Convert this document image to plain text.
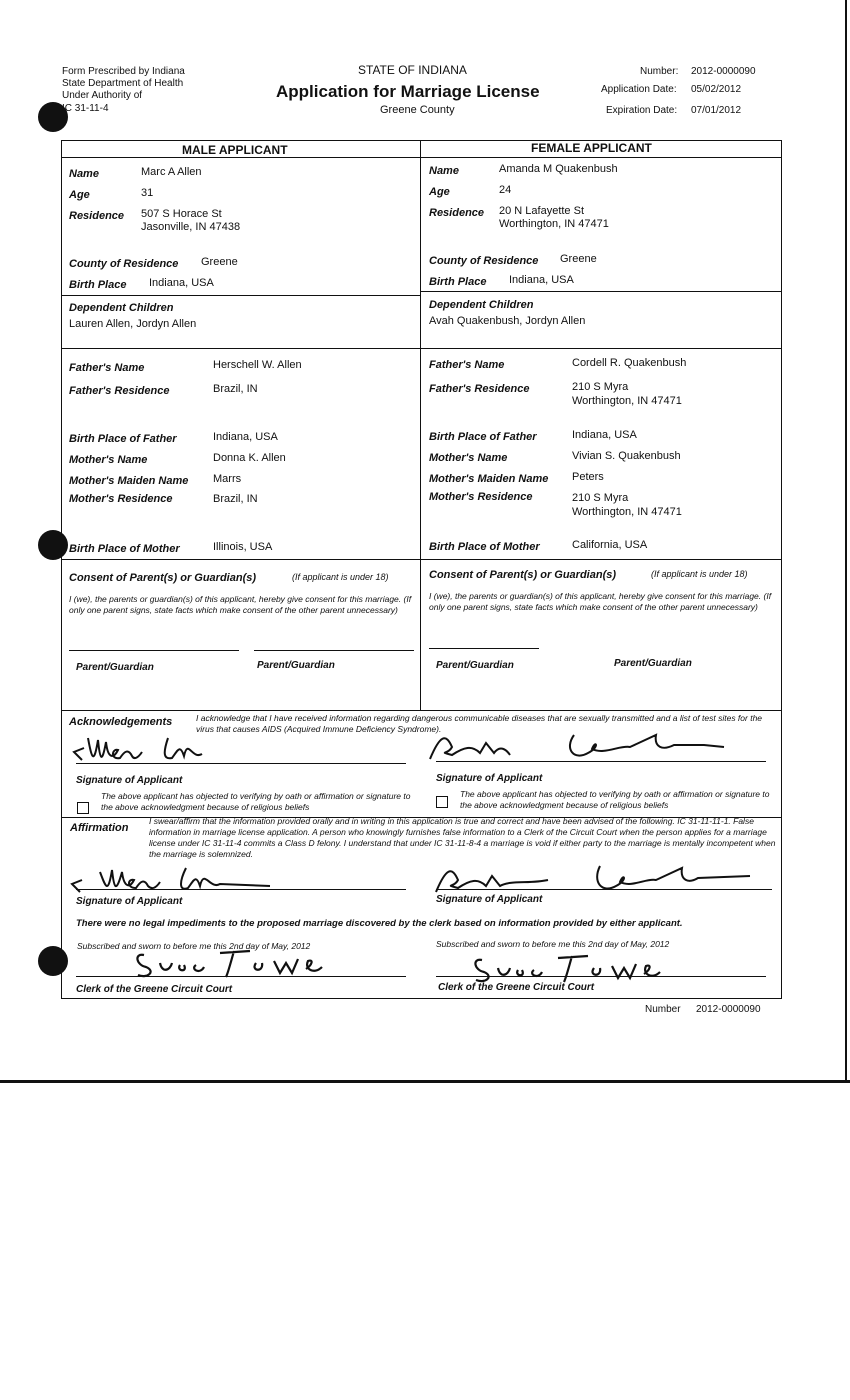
Form Prescribed by Indiana
State Department of Health
Under Authority of
IC 31-11-4
STATE OF INDIANA
Application for Marriage License
Greene County
Number: 2012-0000090
Application Date: 05/02/2012
Expiration Date: 07/01/2012
MALE APPLICANT	FEMALE APPLICANT
Name	Marc A Allen
Age	31
Residence 507 S Horace St
Jasonville, IN 47438
County of Residence Greene
Birth Place Indiana, USA
Dependent Children
Lauren Allen, Jordyn Allen
Father's Name	Herschell W. Allen
Father's Residence	Brazil, IN
Birth Place of Father	Indiana, USA
Mother's Name	Donna K. Allen
Mother's Maiden Name Marrs
Mother's Residence	Brazil, IN
Birth Place of Mother	Illinois, USA
Name	Amanda M Quakenbush
Age	24
Residence 20 N Lafayette St
Worthington, IN 47471
County of Residence Greene
Birth Place Indiana, USA
Dependent Children
Avah Quakenbush, Jordyn Allen
Father's Name	Cordell R. Quakenbush
Father's Residence	210 S Myra
Worthington, IN 47471
Birth Place of Father	Indiana, USA
Mother's Name	Vivian S. Quakenbush
Mother's Maiden Name Peters
Mother's Residence	210 S Myra
Worthington, IN 47471
Birth Place of Mother	California, USA
Consent of Parent(s) or Guardian(s)	(If applicant is under 18)
I (we), the parents or guardian(s) of this applicant, hereby give consent for this marriage. (If only one parent signs, state facts which make consent of the other parent unnecessary)
Parent/Guardian	Parent/Guardian
Consent of Parent(s) or Guardian(s)	(If applicant is under 18)
I (we), the parents or guardian(s) of this applicant, hereby give consent for this marriage. (If only one parent signs, state facts which make consent of the other parent unnecessary)
Parent/Guardian	Parent/Guardian
Acknowledgements	I acknowledge that I have received information regarding dangerous communicable diseases that are sexually transmitted and a list of test sites for the virus that causes AIDS (Acquired Immune Deficiency Syndrome).
Signature of Applicant	Signature of Applicant
The above applicant has objected to verifying by oath or affirmation or signature to the above acknowledgment because of religious beliefs
The above applicant has objected to verifying by oath or affirmation or signature to the above acknowledgment because of religious beliefs
Affirmation
I swear/affirm that the information provided orally and in writing in this application is true and correct and have been advised of the following. IC 31-11-11-1. False information in marriage license application. A person who knowingly furnishes false information to a Clerk of the Circuit Court when the person applies for a marriage license under IC 31-11-4 commits a Class D felony. I understand that under IC 31-11-8-4 a marriage is void if either party to the marriage is mentally incompetent when the marriage is solemnized.
Signature of Applicant	Signature of Applicant
There were no legal impediments to the proposed marriage discovered by the clerk based on information provided by either applicant.
Subscribed and sworn to before me this 2nd day of May, 2012
Clerk of the Greene Circuit Court
Subscribed and sworn to before me this 2nd day of May, 2012
Clerk of the Greene Circuit Court
Number 2012-0000090
